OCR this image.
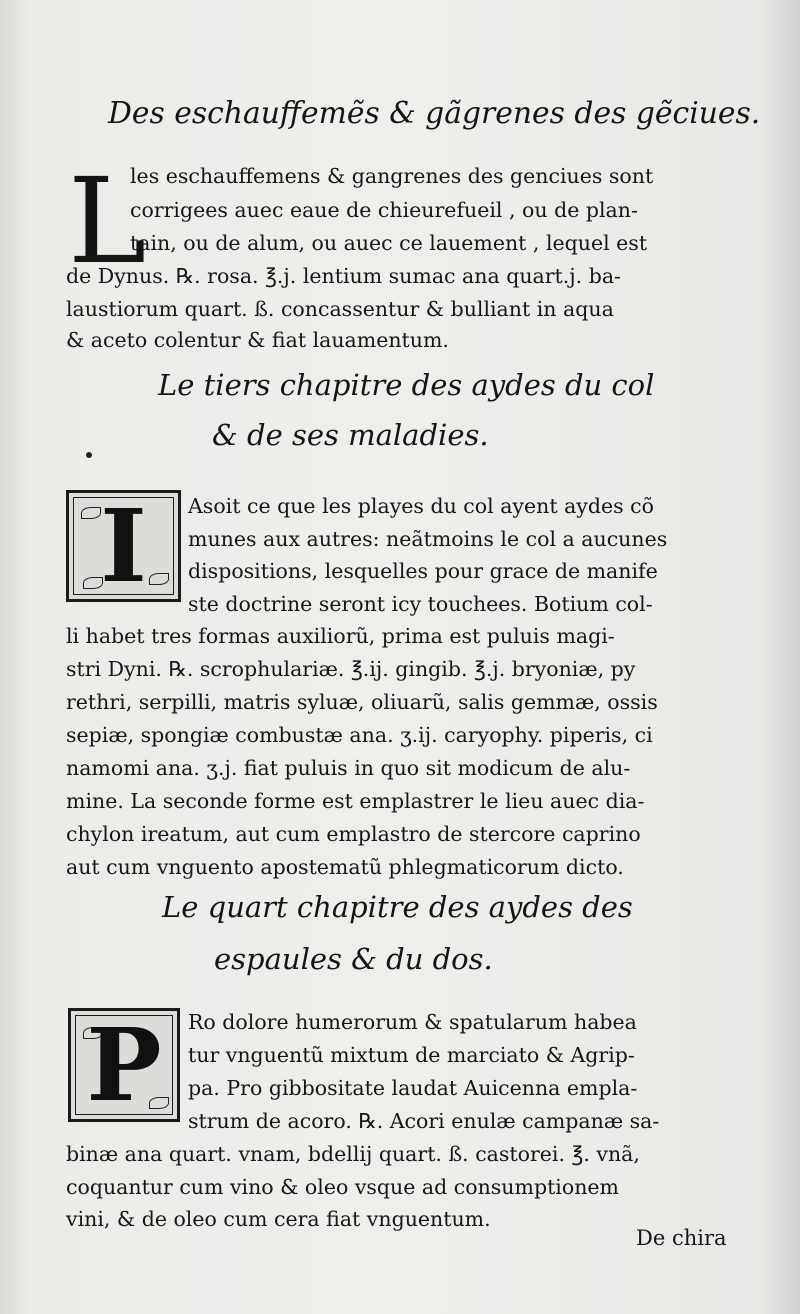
Des eschauffemẽs & gãgrenes des gẽciues.
L
les eschauffemens & gangrenes des genciues sont
corrigees auec eaue de chieurefueil , ou de plan-
tain, ou de alum, ou auec ce lauement , lequel est
de Dynus. ℞. rosa. ℥.j. lentium sumac ana quart.j. ba-
laustiorum quart. ß. concassentur & bulliant in aqua
& aceto colentur & fiat lauamentum.
Le tiers chapitre des aydes du col
& de ses maladies.
I	Asoit ce que les playes du col ayent aydes cõ
munes aux autres: neãtmoins le col a aucunes
dispositions, lesquelles pour grace de manife
ste doctrine seront icy touchees. Botium col-
li habet tres formas auxiliorũ, prima est puluis magi-
stri Dyni. ℞. scrophulariæ. ℥.ij. gingib. ℥.j. bryoniæ, py
rethri, serpilli, matris syluæ, oliuarũ, salis gemmæ, ossis
sepiæ, spongiæ combustæ ana. ʒ.ij. caryophy. piperis, ci
namomi ana. ʒ.j. fiat puluis in quo sit modicum de alu-
mine. La seconde forme est emplastrer le lieu auec dia-
chylon ireatum, aut cum emplastro de stercore caprino
aut cum vnguento apostematũ phlegmaticorum dicto.
Le quart chapitre des aydes des
espaules & du dos.
P	Ro dolore humerorum & spatularum habea
tur vnguentũ mixtum de marciato & Agrip-
pa. Pro gibbositate laudat Auicenna empla-
strum de acoro. ℞. Acori enulæ campanæ sa-
binæ ana quart. vnam, bdellij quart. ß. castorei. ℥. vnã,
coquantur cum vino & oleo vsque ad consumptionem
vini, & de oleo cum cera fiat vnguentum.
De chira
